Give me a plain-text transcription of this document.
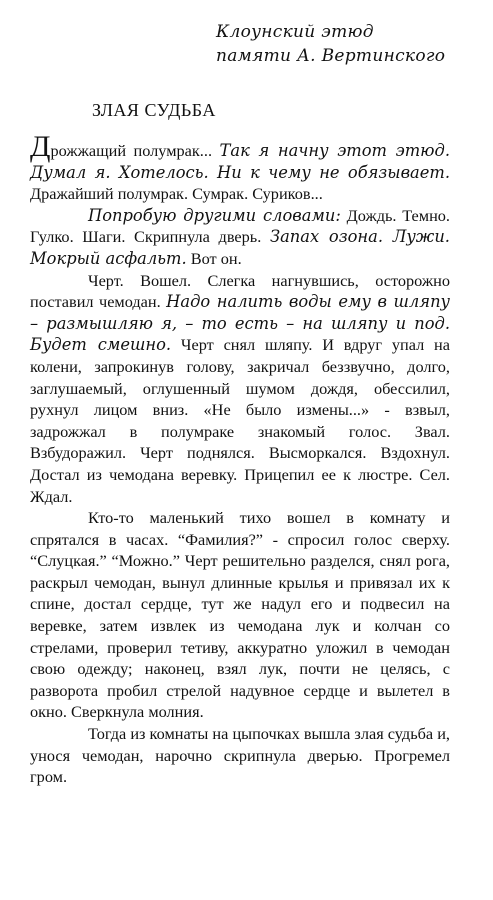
Клоунский этюд
памяти А. Вертинского
ЗЛАЯ СУДЬБА

Дрожжащий полумрак... Так я начну этот этюд. Думал я. Хотелось. Ни к чему не обязывает. Дражайший полумрак. Сумрак. Суриков...

Попробую другими словами: Дождь. Темно. Гулко. Шаги. Скрипнула дверь. Запах озона. Лужи. Мокрый асфальт. Вот он.

Черт. Вошел. Слегка нагнувшись, осторожно поставил чемодан. Надо налить воды ему в шляпу – размышляю я, – то есть – на шляпу и под. Будет смешно. Черт снял шляпу. И вдруг упал на колени, запрокинув голову, закричал беззвучно, долго, заглушаемый, оглушенный шумом дождя, обессилил, рухнул лицом вниз. «Не было измены...» - взвыл, задрожжал в полумраке знакомый голос. Звал. Взбудоражил. Черт поднялся. Высморкался. Вздохнул. Достал из чемодана веревку. Прицепил ее к люстре. Сел. Ждал.

Кто-то маленький тихо вошел в комнату и спрятался в часах. “Фамилия?” - спросил голос сверху. “Слуцкая.” “Можно.” Черт решительно разделся, снял рога, раскрыл чемодан, вынул длинные крылья и привязал их к спине, достал сердце, тут же надул его и подвесил на веревке, затем извлек из чемодана лук и колчан со стрелами, проверил тетиву, аккуратно уложил в чемодан свою одежду; наконец, взял лук, почти не целясь, с разворота пробил стрелой надувное сердце и вылетел в окно. Сверкнула молния.

Тогда из комнаты на цыпочках вышла злая судьба и, унося чемодан, нарочно скрипнула дверью. Прогремел гром.
